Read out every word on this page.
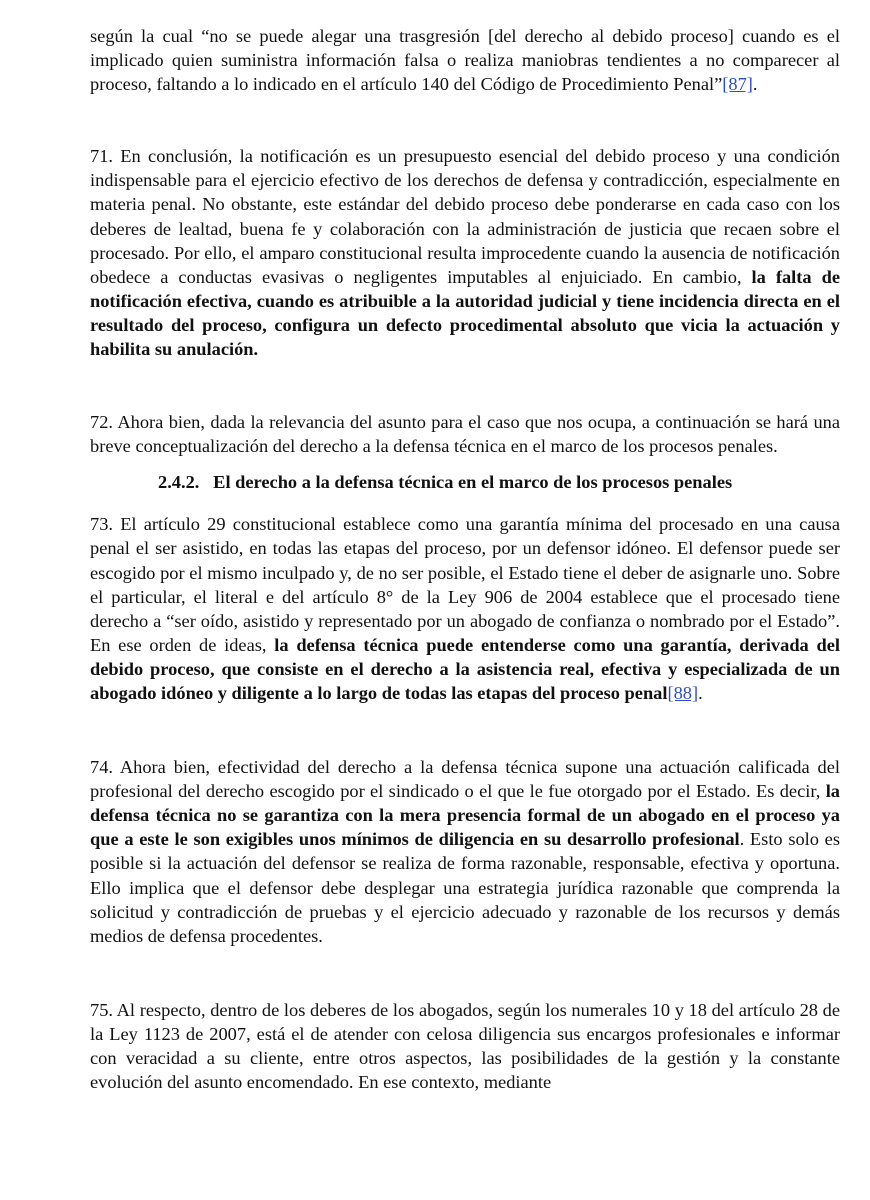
según la cual “no se puede alegar una trasgresión [del derecho al debido proceso] cuando es el implicado quien suministra información falsa o realiza maniobras tendientes a no comparecer al proceso, faltando a lo indicado en el artículo 140 del Código de Procedimiento Penal”[87].

71. En conclusión, la notificación es un presupuesto esencial del debido proceso y una condición indispensable para el ejercicio efectivo de los derechos de defensa y contradicción, especialmente en materia penal. No obstante, este estándar del debido proceso debe ponderarse en cada caso con los deberes de lealtad, buena fe y colaboración con la administración de justicia que recaen sobre el procesado. Por ello, el amparo constitucional resulta improcedente cuando la ausencia de notificación obedece a conductas evasivas o negligentes imputables al enjuiciado. En cambio, la falta de notificación efectiva, cuando es atribuible a la autoridad judicial y tiene incidencia directa en el resultado del proceso, configura un defecto procedimental absoluto que vicia la actuación y habilita su anulación.

72. Ahora bien, dada la relevancia del asunto para el caso que nos ocupa, a continuación se hará una breve conceptualización del derecho a la defensa técnica en el marco de los procesos penales.

2.4.2.   El derecho a la defensa técnica en el marco de los procesos penales

73. El artículo 29 constitucional establece como una garantía mínima del procesado en una causa penal el ser asistido, en todas las etapas del proceso, por un defensor idóneo. El defensor puede ser escogido por el mismo inculpado y, de no ser posible, el Estado tiene el deber de asignarle uno. Sobre el particular, el literal e del artículo 8° de la Ley 906 de 2004 establece que el procesado tiene derecho a “ser oído, asistido y representado por un abogado de confianza o nombrado por el Estado”. En ese orden de ideas, la defensa técnica puede entenderse como una garantía, derivada del debido proceso, que consiste en el derecho a la asistencia real, efectiva y especializada de un abogado idóneo y diligente a lo largo de todas las etapas del proceso penal[88].

74. Ahora bien, efectividad del derecho a la defensa técnica supone una actuación calificada del profesional del derecho escogido por el sindicado o el que le fue otorgado por el Estado. Es decir, la defensa técnica no se garantiza con la mera presencia formal de un abogado en el proceso ya que a este le son exigibles unos mínimos de diligencia en su desarrollo profesional. Esto solo es posible si la actuación del defensor se realiza de forma razonable, responsable, efectiva y oportuna. Ello implica que el defensor debe desplegar una estrategia jurídica razonable que comprenda la solicitud y contradicción de pruebas y el ejercicio adecuado y razonable de los recursos y demás medios de defensa procedentes.

75. Al respecto, dentro de los deberes de los abogados, según los numerales 10 y 18 del artículo 28 de la Ley 1123 de 2007, está el de atender con celosa diligencia sus encargos profesionales e informar con veracidad a su cliente, entre otros aspectos, las posibilidades de la gestión y la constante evolución del asunto encomendado. En ese contexto, mediante
